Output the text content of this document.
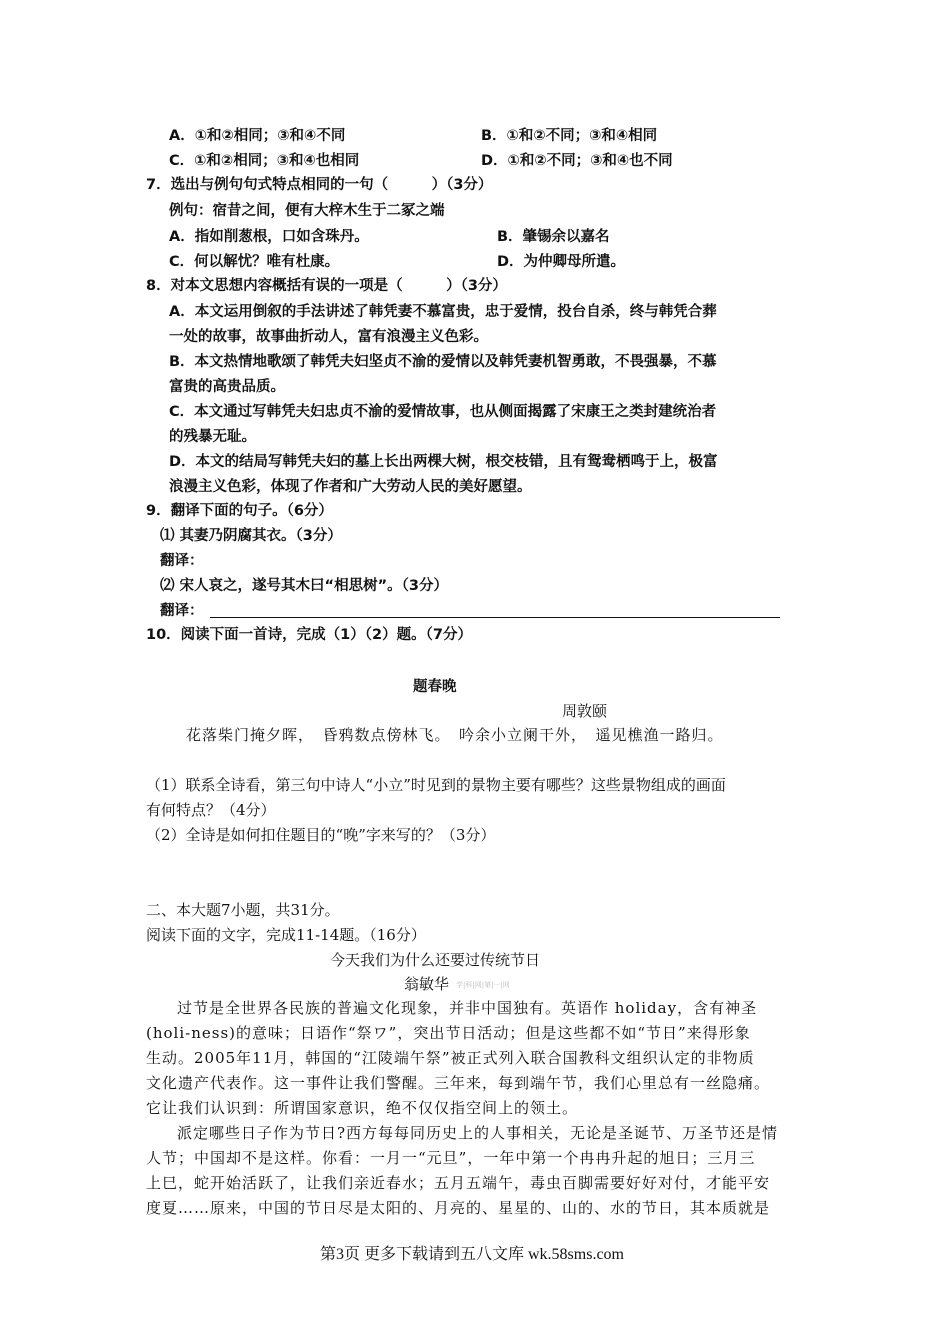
A．①和②相同；③和④不同	B．①和②不同；③和④相同
C．①和②相同；③和④也相同	D．①和②不同；③和④也不同
7．选出与例句句式特点相同的一句（　　　）（3分）
例句：宿昔之间，便有大梓木生于二冢之端
A．指如削葱根，口如含珠丹。	B．肇锡余以嘉名
C．何以解忧？唯有杜康。	D．为仲卿母所遣。
8．对本文思想内容概括有误的一项是（　　　）（3分）
A．本文运用倒叙的手法讲述了韩凭妻不慕富贵，忠于爱情，投台自杀，终与韩凭合葬
一处的故事，故事曲折动人，富有浪漫主义色彩。
B．本文热情地歌颂了韩凭夫妇坚贞不渝的爱情以及韩凭妻机智勇敢，不畏强暴，不慕
富贵的高贵品质。
C．本文通过写韩凭夫妇忠贞不渝的爱情故事，也从侧面揭露了宋康王之类封建统治者
的残暴无耻。
D．本文的结局写韩凭夫妇的墓上长出两棵大树，根交枝错，且有鸳鸯栖鸣于上，极富
浪漫主义色彩，体现了作者和广大劳动人民的美好愿望。
9．翻译下面的句子。（6分）
⑴ 其妻乃阴腐其衣。（3分）
翻译：
⑵ 宋人哀之，遂号其木曰“相思树”。（3分）
翻译：
10．阅读下面一首诗，完成（1）（2）题。（7分）
题春晚
周敦颐
花落柴门掩夕晖，　昏鸦数点傍林飞。　吟余小立阑干外，　遥见樵渔一路归。
（1）联系全诗看，第三句中诗人“小立”时见到的景物主要有哪些？这些景物组成的画面
有何特点？（4分）
（2）全诗是如何扣住题目的“晚”字来写的？（3分）
二、本大题7小题，共31分。
阅读下面的文字，完成11-14题。（16分）
今天我们为什么还要过传统节日
翁敏华 学|科|网|第|一|网
过节是全世界各民族的普遍文化现象，并非中国独有。英语作 holiday，含有神圣
(holi-ness)的意味；日语作“祭ワ”，突出节日活动；但是这些都不如“节日”来得形象
生动。2005年11月，韩国的“江陵端午祭”被正式列入联合国教科文组织认定的非物质
文化遗产代表作。这一事件让我们警醒。三年来，每到端午节，我们心里总有一丝隐痛。
它让我们认识到：所谓国家意识，绝不仅仅指空间上的领土。
派定哪些日子作为节日?西方每每同历史上的人事相关，无论是圣诞节、万圣节还是情
人节；中国却不是这样。你看：一月一“元旦”，一年中第一个冉冉升起的旭日；三月三
上巳，蛇开始活跃了，让我们亲近春水；五月五端午，毒虫百脚需要好好对付，才能平安
度夏……原来，中国的节日尽是太阳的、月亮的、星星的、山的、水的节日，其本质就是
第3页 更多下载请到五八文库 wk.58sms.com
